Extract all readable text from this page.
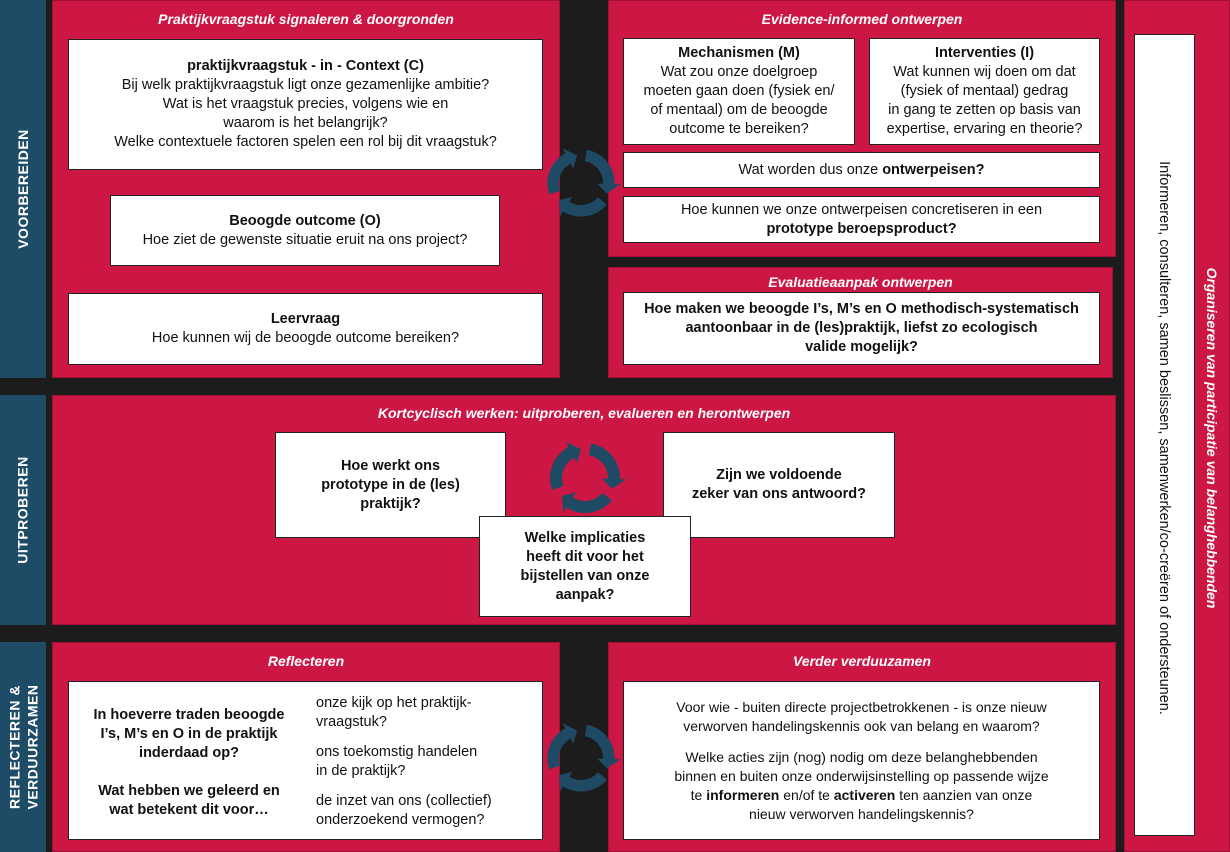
VOORBEREIDEN
UITPROBEREN
REFLECTEREN & VERDUURZAMEN
Praktijkvraagstuk signaleren & doorgronden
praktijkvraagstuk - in - Context (C)
Bij welk praktijkvraagstuk ligt onze gezamenlijke ambitie?
Wat is het vraagstuk precies, volgens wie en
waarom is het belangrijk?
Welke contextuele factoren spelen een rol bij dit vraagstuk?
Beoogde outcome (O)
Hoe ziet de gewenste situatie eruit na ons project?
Leervraag
Hoe kunnen wij de beoogde outcome bereiken?
Evidence-informed ontwerpen
Mechanismen (M)
Wat zou onze doelgroep
moeten gaan doen (fysiek en/
of mentaal) om de beoogde
outcome te bereiken?
Interventies (I)
Wat kunnen wij doen om dat
(fysiek of mentaal) gedrag
in gang te zetten op basis van
expertise, ervaring en theorie?
Wat worden dus onze ontwerpeisen?
Hoe kunnen we onze ontwerpeisen concretiseren in een
prototype beroepsproduct?
Evaluatieaanpak ontwerpen
Hoe maken we beoogde I’s, M’s en O methodisch-systematisch
aantoonbaar in de (les)praktijk, liefst zo ecologisch
valide mogelijk?
Kortcyclisch werken: uitproberen, evalueren en herontwerpen
Hoe werkt ons
prototype in de (les)
praktijk?
Zijn we voldoende
zeker van ons antwoord?
Welke implicaties
heeft dit voor het
bijstellen van onze
aanpak?
Reflecteren
In hoeverre traden beoogde
I’s, M’s en O in de praktijk
inderdaad op?
Wat hebben we geleerd en
wat betekent dit voor…
onze kijk op het praktijk-
vraagstuk?
ons toekomstig handelen
in de praktijk?
de inzet van ons (collectief)
onderzoekend vermogen?
Verder verduuzamen
Voor wie - buiten directe projectbetrokkenen - is onze nieuw
verworven handelingskennis ook van belang en waarom?
Welke acties zijn (nog) nodig om deze belanghebbenden
binnen en buiten onze onderwijsinstelling op passende wijze
te informeren en/of te activeren ten aanzien van onze
nieuw verworven handelingskennis?
Informeren, consulteren, samen beslissen, samenwerken/co-creëren of ondersteunen. Organiseren van participatie van belanghebbenden
